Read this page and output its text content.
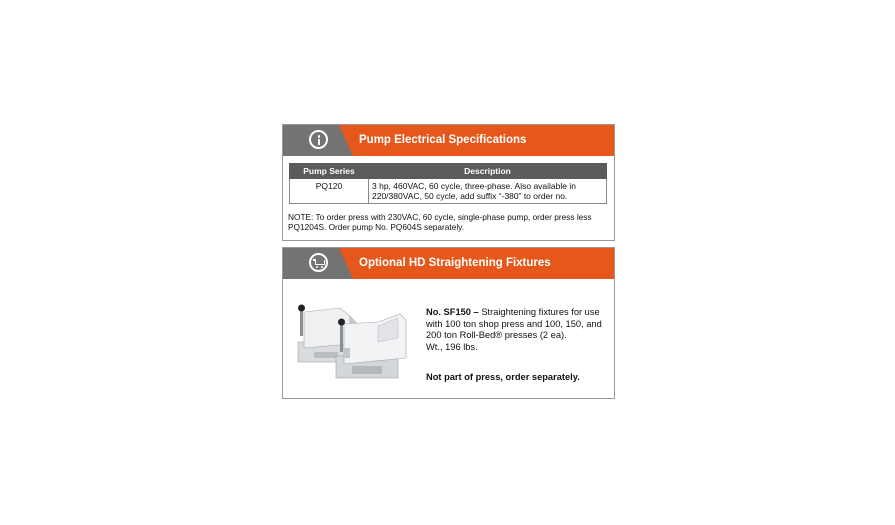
Pump Electrical Specifications
Pump Series	Description
PQ120	3 hp, 460VAC, 60 cycle, three-phase. Also available in
220/380VAC, 50 cycle, add suffix “-380” to order no.
NOTE: To order press with 230VAC, 60 cycle, single-phase pump, order press less
PQ1204S. Order pump No. PQ604S separately.
Optional HD Straightening Fixtures
No. SF150 – Straightening fixtures for use
with 100 ton shop press and 100, 150, and
200 ton Roll-Bed® presses (2 ea).
Wt., 196 lbs.
Not part of press, order separately.
